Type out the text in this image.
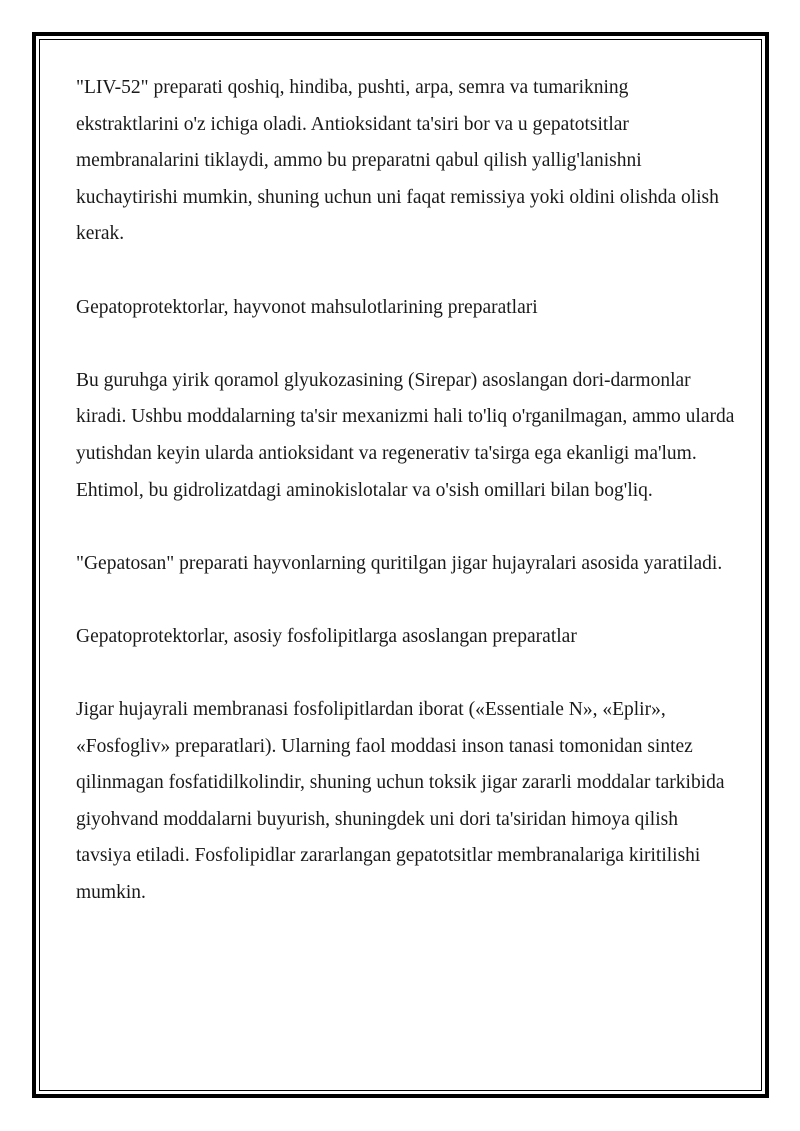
"LIV-52" preparati qoshiq, hindiba, pushti, arpa, semra va tumarikning ekstraktlarini o'z ichiga oladi. Antioksidant ta'siri bor va u gepatotsitlar membranalarini tiklaydi, ammo bu preparatni qabul qilish yallig'lanishni kuchaytirishi mumkin, shuning uchun uni faqat remissiya yoki oldini olishda olish kerak.

Gepatoprotektorlar, hayvonot mahsulotlarining preparatlari

Bu guruhga yirik qoramol glyukozasining (Sirepar) asoslangan dori-darmonlar kiradi. Ushbu moddalarning ta'sir mexanizmi hali to'liq o'rganilmagan, ammo ularda yutishdan keyin ularda antioksidant va regenerativ ta'sirga ega ekanligi ma'lum. Ehtimol, bu gidrolizatdagi aminokislotalar va o'sish omillari bilan bog'liq.

"Gepatosan" preparati hayvonlarning quritilgan jigar hujayralari asosida yaratiladi.

Gepatoprotektorlar, asosiy fosfolipitlarga asoslangan preparatlar

Jigar hujayrali membranasi fosfolipitlardan iborat («Essentiale N», «Eplir», «Fosfogliv» preparatlari). Ularning faol moddasi inson tanasi tomonidan sintez qilinmagan fosfatidilkolindir, shuning uchun toksik jigar zararli moddalar tarkibida giyohvand moddalarni buyurish, shuningdek uni dori ta'siridan himoya qilish tavsiya etiladi. Fosfolipidlar zararlangan gepatotsitlar membranalariga kiritilishi mumkin.
